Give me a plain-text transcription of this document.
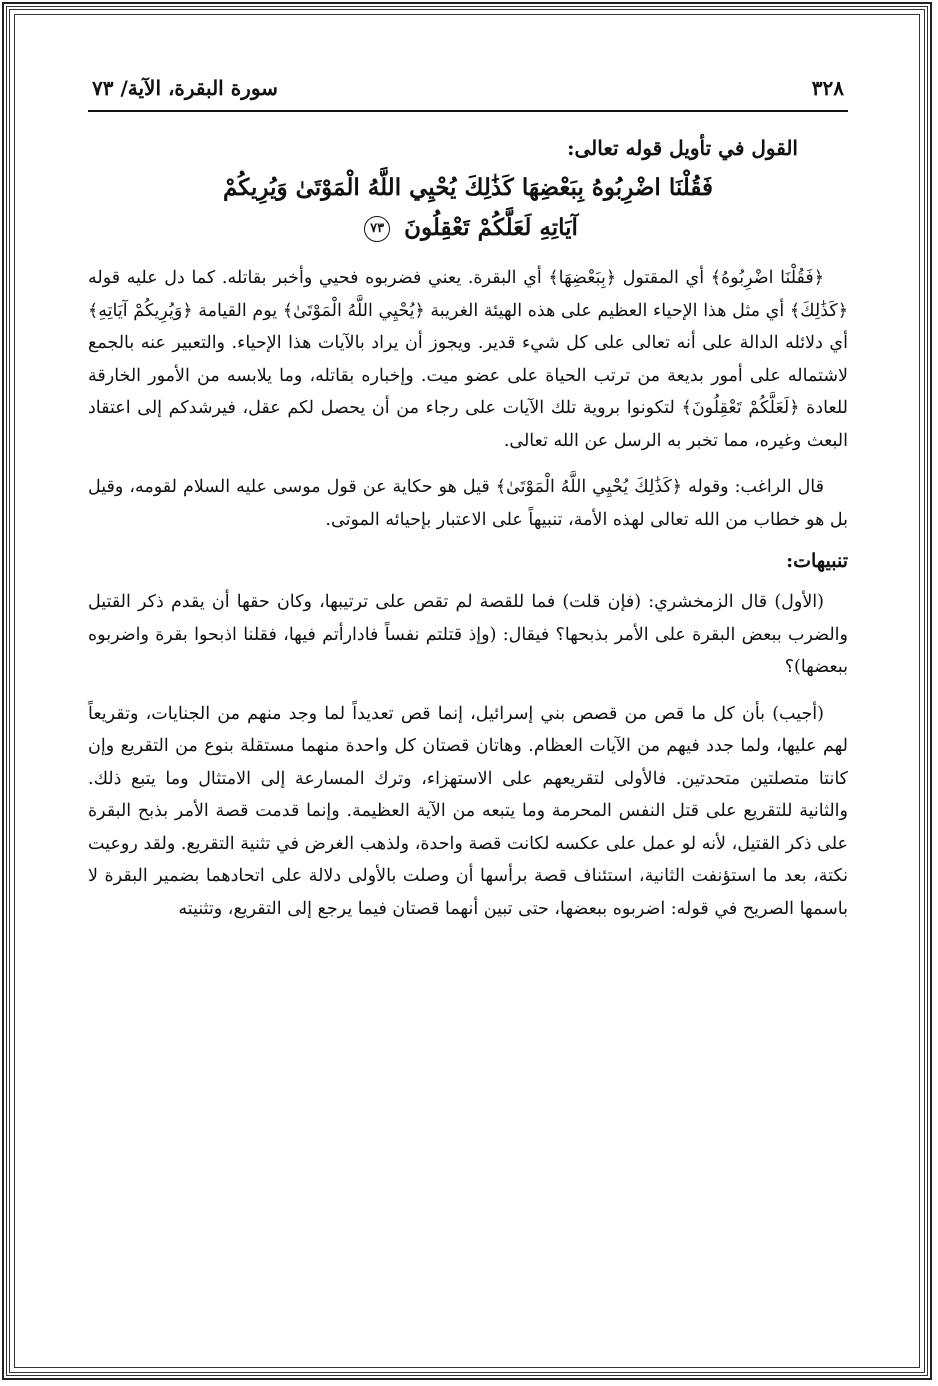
٣٢٨
سورة البقرة، الآية/ ٧٣
القول في تأويل قوله تعالى:
فَقُلْنَا اضْرِبُوهُ بِبَعْضِهَا كَذَٰلِكَ يُحْيِي اللَّهُ الْمَوْتَىٰ وَيُرِيكُمْ
آيَاتِهِ لَعَلَّكُمْ تَعْقِلُونَ ٧٣

﴿فَقُلْنَا اضْرِبُوهُ﴾ أي المقتول ﴿بِبَعْضِهَا﴾ أي البقرة. يعني فضربوه فحيي وأخبر بقاتله. كما دل عليه قوله ﴿كَذَٰلِكَ﴾ أي مثل هذا الإحياء العظيم على هذه الهيئة الغريبة ﴿يُحْيِي اللَّهُ الْمَوْتَىٰ﴾ يوم القيامة ﴿وَيُرِيكُمْ آيَاتِهِ﴾ أي دلائله الدالة على أنه تعالى على كل شيء قدير. ويجوز أن يراد بالآيات هذا الإحياء. والتعبير عنه بالجمع لاشتماله على أمور بديعة من ترتب الحياة على عضو ميت. وإخباره بقاتله، وما يلابسه من الأمور الخارقة للعادة ﴿لَعَلَّكُمْ تَعْقِلُونَ﴾ لتكونوا بروية تلك الآيات على رجاء من أن يحصل لكم عقل، فيرشدكم إلى اعتقاد البعث وغيره، مما تخبر به الرسل عن الله تعالى.

قال الراغب: وقوله ﴿كَذَٰلِكَ يُحْيِي اللَّهُ الْمَوْتَىٰ﴾ قيل هو حكاية عن قول موسى عليه السلام لقومه، وقيل بل هو خطاب من الله تعالى لهذه الأمة، تنبيهاً على الاعتبار بإحيائه الموتى.

تنبيهات:

(الأول) قال الزمخشري: (فإن قلت) فما للقصة لم تقص على ترتيبها، وكان حقها أن يقدم ذكر القتيل والضرب ببعض البقرة على الأمر بذبحها؟ فيقال: (وإذ قتلتم نفساً فادارأتم فيها، فقلنا اذبحوا بقرة واضربوه ببعضها)؟

(أجيب) بأن كل ما قص من قصص بني إسرائيل، إنما قص تعديداً لما وجد منهم من الجنايات، وتقريعاً لهم عليها، ولما جدد فيهم من الآيات العظام. وهاتان قصتان كل واحدة منهما مستقلة بنوع من التقريع وإن كانتا متصلتين متحدتين. فالأولى لتقريعهم على الاستهزاء، وترك المسارعة إلى الامتثال وما يتبع ذلك. والثانية للتقريع على قتل النفس المحرمة وما يتبعه من الآية العظيمة. وإنما قدمت قصة الأمر بذبح البقرة على ذكر القتيل، لأنه لو عمل على عكسه لكانت قصة واحدة، ولذهب الغرض في تثنية التقريع. ولقد روعيت نكتة، بعد ما استؤنفت الثانية، استئناف قصة برأسها أن وصلت بالأولى دلالة على اتحادهما بضمير البقرة لا باسمها الصريح في قوله: اضربوه ببعضها، حتى تبين أنهما قصتان فيما يرجع إلى التقريع، وتثنيته
